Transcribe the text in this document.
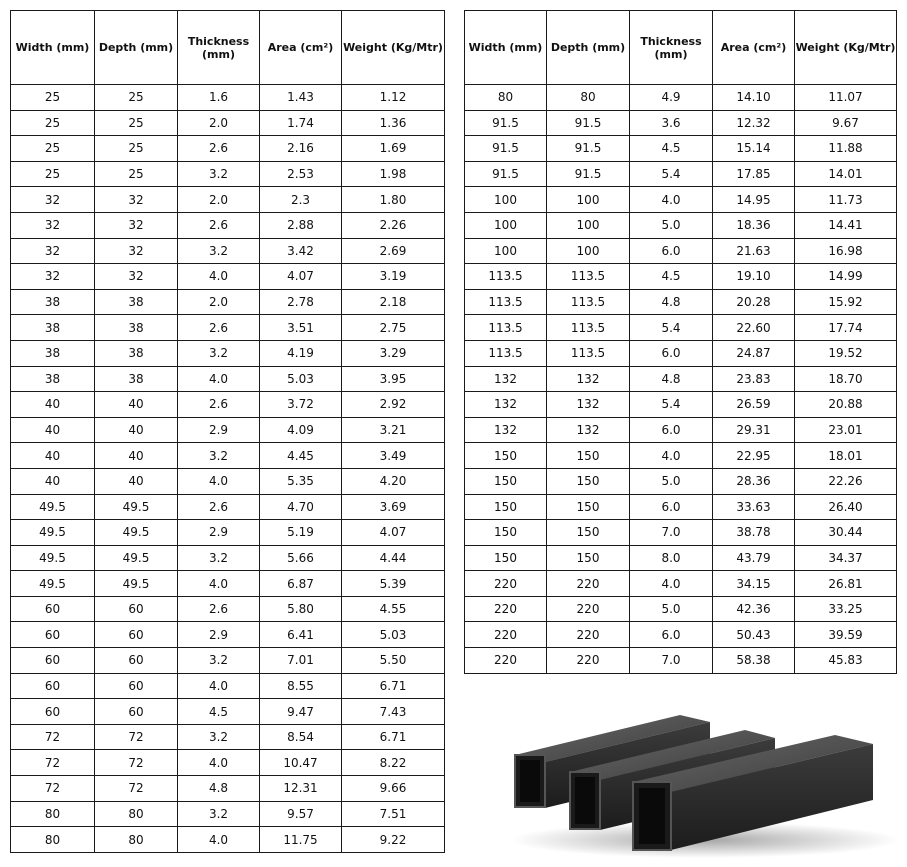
Width (mm)	Depth (mm)	Thickness (mm)	Area (cm²)	Weight (Kg/Mtr)
25	25	1.6	1.43	1.12
25	25	2.0	1.74	1.36
25	25	2.6	2.16	1.69
25	25	3.2	2.53	1.98
32	32	2.0	2.3	1.80
32	32	2.6	2.88	2.26
32	32	3.2	3.42	2.69
32	32	4.0	4.07	3.19
38	38	2.0	2.78	2.18
38	38	2.6	3.51	2.75
38	38	3.2	4.19	3.29
38	38	4.0	5.03	3.95
40	40	2.6	3.72	2.92
40	40	2.9	4.09	3.21
40	40	3.2	4.45	3.49
40	40	4.0	5.35	4.20
49.5	49.5	2.6	4.70	3.69
49.5	49.5	2.9	5.19	4.07
49.5	49.5	3.2	5.66	4.44
49.5	49.5	4.0	6.87	5.39
60	60	2.6	5.80	4.55
60	60	2.9	6.41	5.03
60	60	3.2	7.01	5.50
60	60	4.0	8.55	6.71
60	60	4.5	9.47	7.43
72	72	3.2	8.54	6.71
72	72	4.0	10.47	8.22
72	72	4.8	12.31	9.66
80	80	3.2	9.57	7.51
80	80	4.0	11.75	9.22
Width (mm)	Depth (mm)	Thickness (mm)	Area (cm²)	Weight (Kg/Mtr)
80	80	4.9	14.10	11.07
91.5	91.5	3.6	12.32	9.67
91.5	91.5	4.5	15.14	11.88
91.5	91.5	5.4	17.85	14.01
100	100	4.0	14.95	11.73
100	100	5.0	18.36	14.41
100	100	6.0	21.63	16.98
113.5	113.5	4.5	19.10	14.99
113.5	113.5	4.8	20.28	15.92
113.5	113.5	5.4	22.60	17.74
113.5	113.5	6.0	24.87	19.52
132	132	4.8	23.83	18.70
132	132	5.4	26.59	20.88
132	132	6.0	29.31	23.01
150	150	4.0	22.95	18.01
150	150	5.0	28.36	22.26
150	150	6.0	33.63	26.40
150	150	7.0	38.78	30.44
150	150	8.0	43.79	34.37
220	220	4.0	34.15	26.81
220	220	5.0	42.36	33.25
220	220	6.0	50.43	39.59
220	220	7.0	58.38	45.83
